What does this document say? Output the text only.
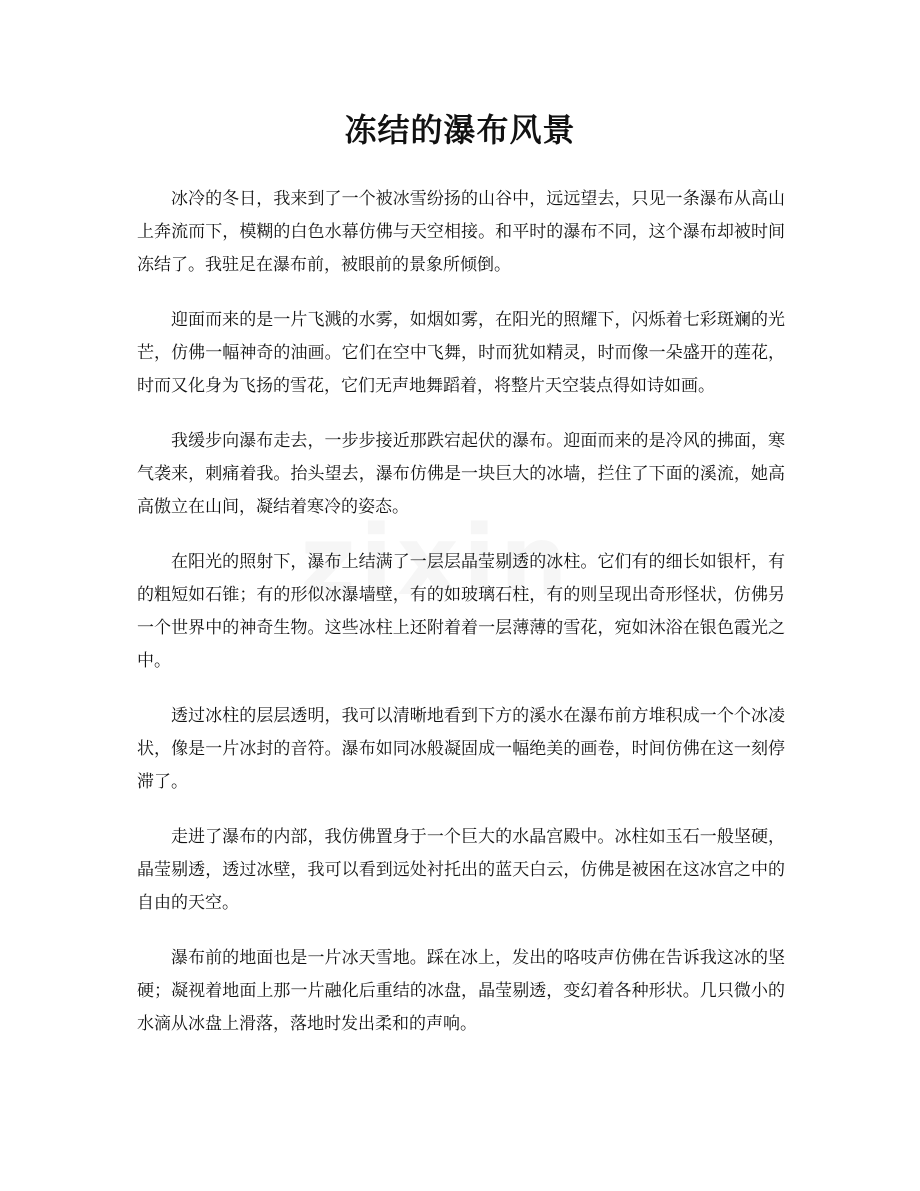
冻结的瀑布风景

冰冷的冬日，我来到了一个被冰雪纷扬的山谷中，远远望去，只见一条瀑布从高山上奔流而下，模糊的白色水幕仿佛与天空相接。和平时的瀑布不同，这个瀑布却被时间冻结了。我驻足在瀑布前，被眼前的景象所倾倒。

迎面而来的是一片飞溅的水雾，如烟如雾，在阳光的照耀下，闪烁着七彩斑斓的光芒，仿佛一幅神奇的油画。它们在空中飞舞，时而犹如精灵，时而像一朵盛开的莲花，时而又化身为飞扬的雪花，它们无声地舞蹈着，将整片天空装点得如诗如画。

我缓步向瀑布走去，一步步接近那跌宕起伏的瀑布。迎面而来的是冷风的拂面，寒气袭来，刺痛着我。抬头望去，瀑布仿佛是一块巨大的冰墙，拦住了下面的溪流，她高高傲立在山间，凝结着寒冷的姿态。

在阳光的照射下，瀑布上结满了一层层晶莹剔透的冰柱。它们有的细长如银杆，有的粗短如石锥；有的形似冰瀑墙壁，有的如玻璃石柱，有的则呈现出奇形怪状，仿佛另一个世界中的神奇生物。这些冰柱上还附着着一层薄薄的雪花，宛如沐浴在银色霞光之中。

透过冰柱的层层透明，我可以清晰地看到下方的溪水在瀑布前方堆积成一个个冰凌状，像是一片冰封的音符。瀑布如同冰般凝固成一幅绝美的画卷，时间仿佛在这一刻停滞了。

走进了瀑布的内部，我仿佛置身于一个巨大的水晶宫殿中。冰柱如玉石一般坚硬，晶莹剔透，透过冰壁，我可以看到远处衬托出的蓝天白云，仿佛是被困在这冰宫之中的自由的天空。

瀑布前的地面也是一片冰天雪地。踩在冰上，发出的咯吱声仿佛在告诉我这冰的坚硬；凝视着地面上那一片融化后重结的冰盘，晶莹剔透，变幻着各种形状。几只微小的水滴从冰盘上滑落，落地时发出柔和的声响。
